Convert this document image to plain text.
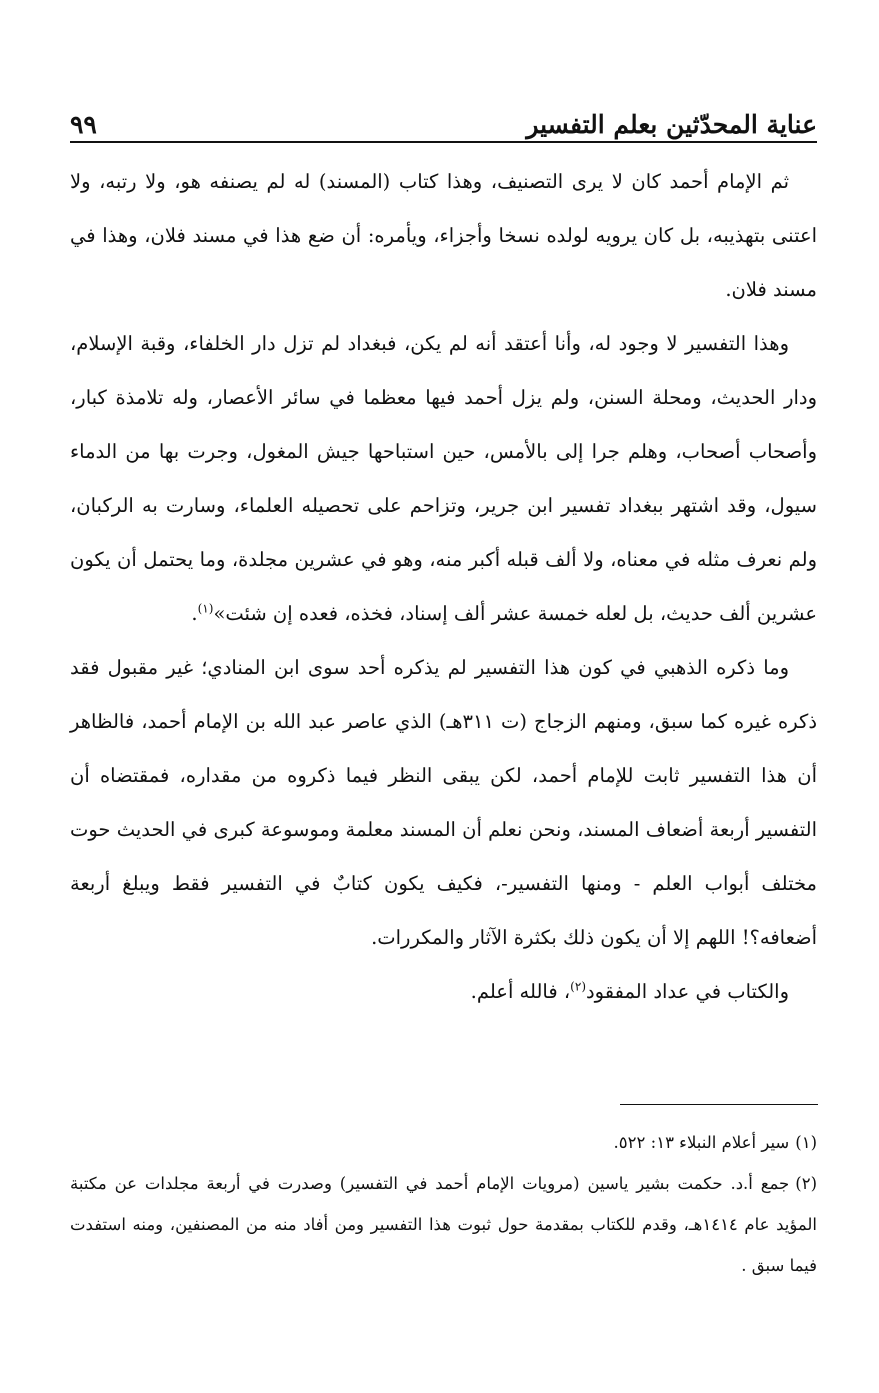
عناية المحدّثين بعلم التفسير
٩٩

ثم الإمام أحمد كان لا يرى التصنيف، وهذا كتاب (المسند) له لم يصنفه هو، ولا رتبه، ولا اعتنى بتهذيبه، بل كان يرويه لولده نسخا وأجزاء، ويأمره: أن ضع هذا في مسند فلان، وهذا في مسند فلان.

وهذا التفسير لا وجود له، وأنا أعتقد أنه لم يكن، فبغداد لم تزل دار الخلفاء، وقبة الإسلام، ودار الحديث، ومحلة السنن، ولم يزل أحمد فيها معظما في سائر الأعصار، وله تلامذة كبار، وأصحاب أصحاب، وهلم جرا إلى بالأمس، حين استباحها جيش المغول، وجرت بها من الدماء سيول، وقد اشتهر ببغداد تفسير ابن جرير، وتزاحم على تحصيله العلماء، وسارت به الركبان، ولم نعرف مثله في معناه، ولا ألف قبله أكبر منه، وهو في عشرين مجلدة، وما يحتمل أن يكون عشرين ألف حديث، بل لعله خمسة عشر ألف إسناد، فخذه، فعده إن شئت»$^{(١)}$.

وما ذكره الذهبي في كون هذا التفسير لم يذكره أحد سوى ابن المنادي؛ غير مقبول فقد ذكره غيره كما سبق، ومنهم الزجاج (ت ٣١١هـ) الذي عاصر عبد الله بن الإمام أحمد، فالظاهر أن هذا التفسير ثابت للإمام أحمد، لكن يبقى النظر فيما ذكروه من مقداره، فمقتضاه أن التفسير أربعة أضعاف المسند، ونحن نعلم أن المسند معلمة وموسوعة كبرى في الحديث حوت مختلف أبواب العلم - ومنها التفسير-، فكيف يكون كتابٌ في التفسير فقط ويبلغ أربعة أضعافه؟! اللهم إلا أن يكون ذلك بكثرة الآثار والمكررات.

والكتاب في عداد المفقود$^{(٢)}$، فالله أعلم.

(١)سير أعلام النبلاء ١٣: ٥٢٢.

(٢)جمع أ.د. حكمت بشير ياسين (مرويات الإمام أحمد في التفسير) وصدرت في أربعة مجلدات عن مكتبة المؤيد عام ١٤١٤هـ، وقدم للكتاب بمقدمة حول ثبوت هذا التفسير ومن أفاد منه من المصنفين، ومنه استفدت فيما سبق .
